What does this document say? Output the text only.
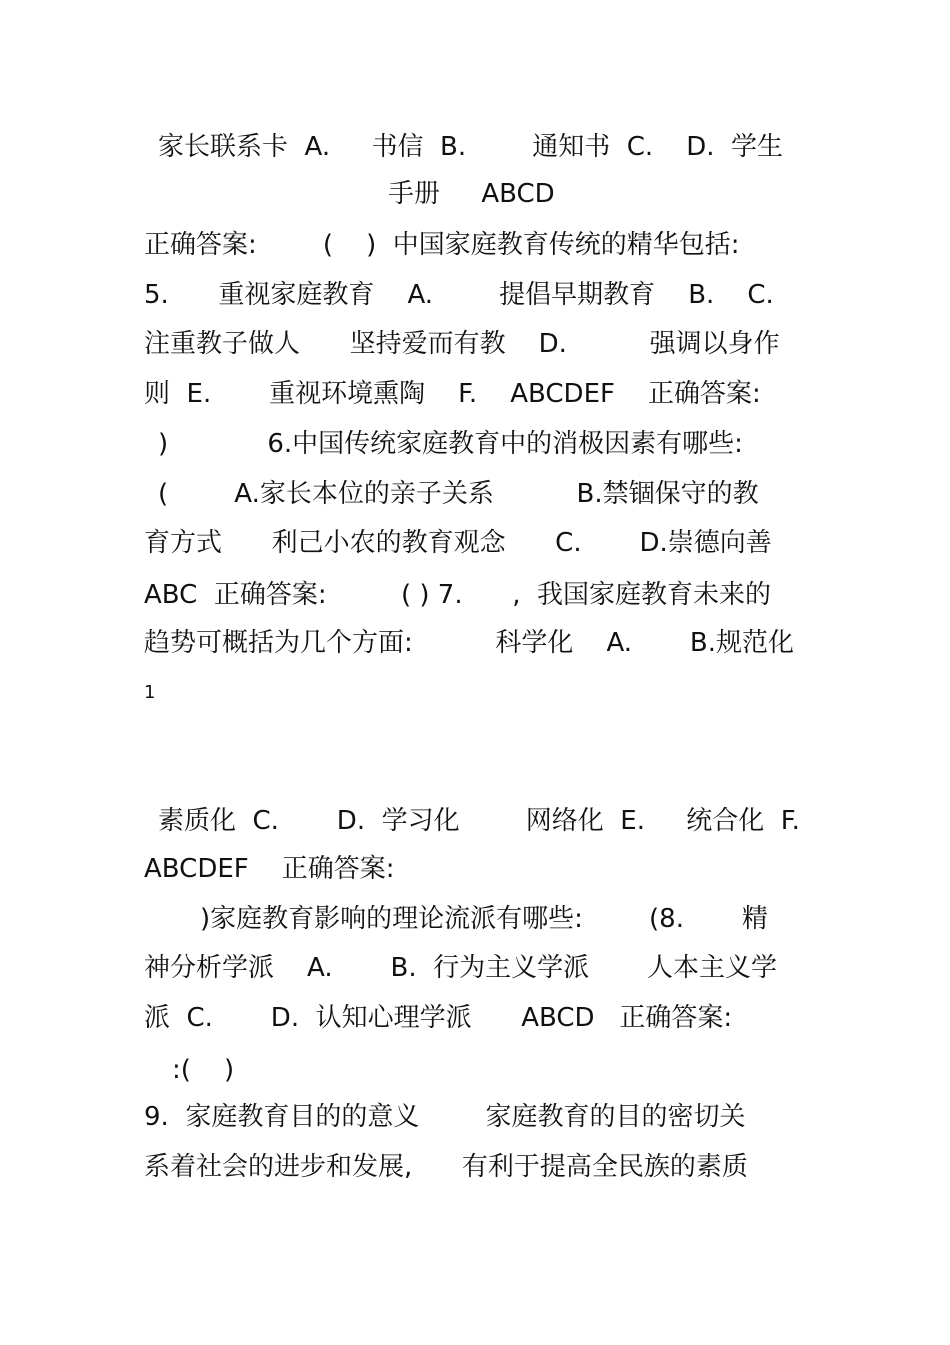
家长联系卡  A.     书信  B.        通知书  C.    D.  学生
手册     ABCD
正确答案:        (    )  中国家庭教育传统的精华包括:
5.      重视家庭教育    A.        提倡早期教育    B.    C.
注重教子做人      坚持爱而有教    D.          强调以身作
则  E.       重视环境熏陶    F.    ABCDEF    正确答案:
)            6.中国传统家庭教育中的消极因素有哪些:
(        A.家长本位的亲子关系          B.禁锢保守的教
育方式      利己小农的教育观念      C.       D.崇德向善
ABC  正确答案:         ( ) 7.      ,  我国家庭教育未来的
趋势可概括为几个方面:          科学化    A.       B.规范化
1
素质化  C.       D.  学习化        网络化  E.     统合化  F.
ABCDEF    正确答案:
)家庭教育影响的理论流派有哪些:        (8.       精
神分析学派    A.       B.  行为主义学派       人本主义学
派  C.       D.  认知心理学派      ABCD   正确答案:
:(    )
9.  家庭教育目的的意义        家庭教育的目的密切关
系着社会的进步和发展,      有利于提高全民族的素质
